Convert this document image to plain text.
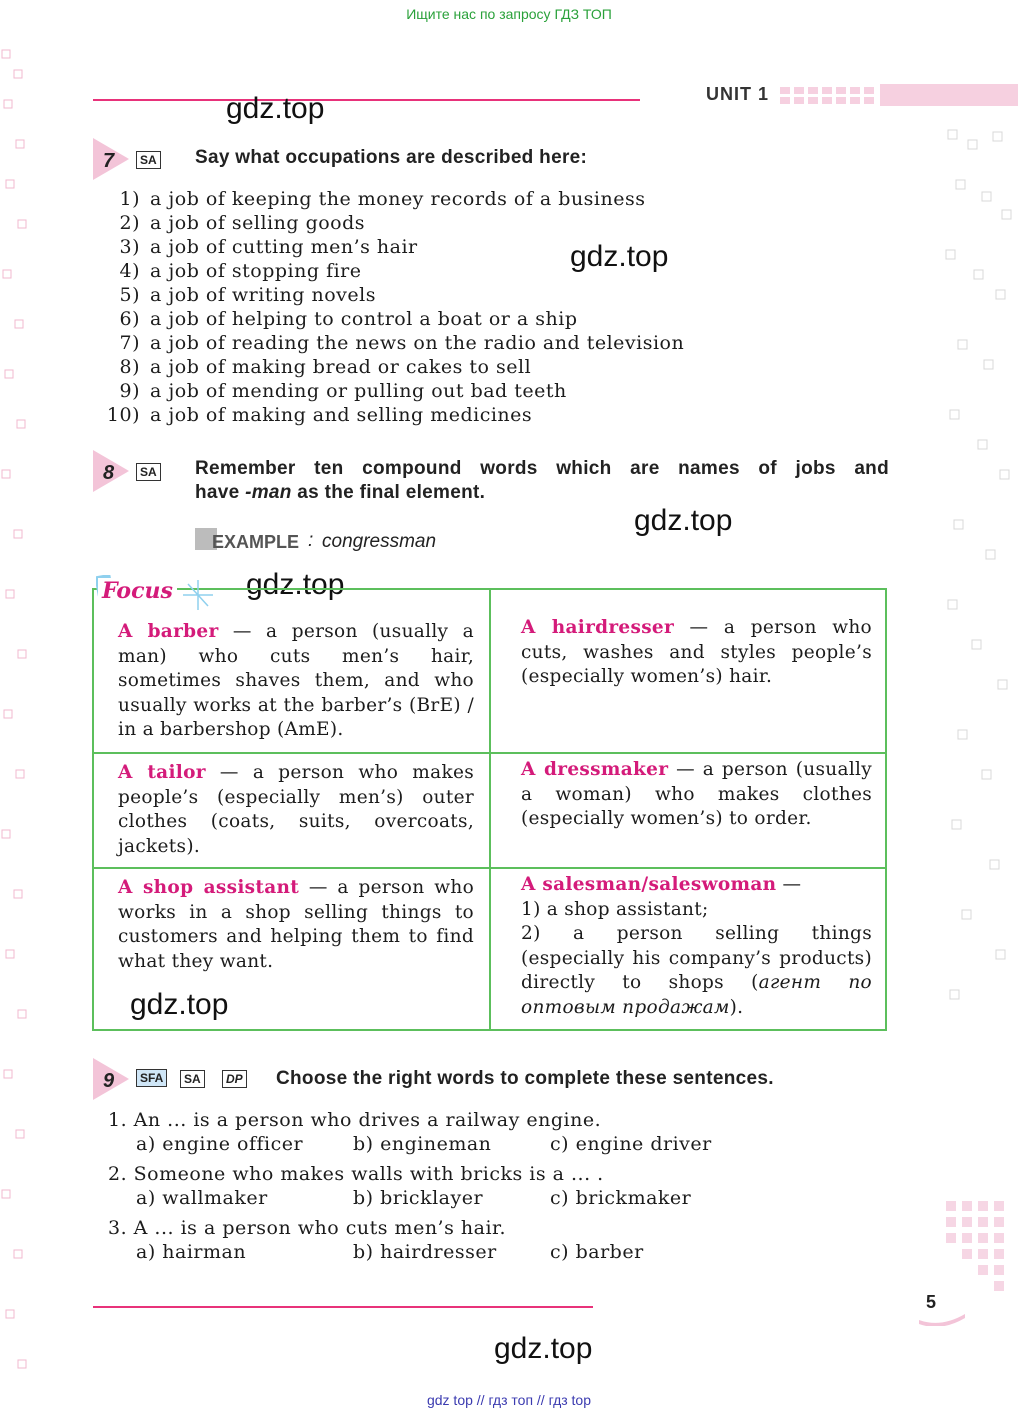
Ищите нас по запросу ГДЗ ТОП
gdz top // гдз топ // гдз top
UNIT 1
gdz.top
gdz.top
gdz.top
gdz.top
gdz.top
gdz.top
7	SA Say what occupations are described here:
1) a job of keeping the money records of a business
2) a job of selling goods
3) a job of cutting men’s hair
4) a job of stopping fire
5) a job of writing novels
6) a job of helping to control a boat or a ship
7) a job of reading the news on the radio and television
8) a job of making bread or cakes to sell
9) a job of mending or pulling out bad teeth
10) a job of making and selling medicines
8	SA Remember ten compound words which are names of jobs and
have -man as the final element.
EXAMPLE : congressman
A barber — a person (usually a man) who cuts men’s hair, sometimes shaves them, and who usually works at the barber’s (BrE) / in a barbershop (AmE).
A hairdresser — a person who cuts, washes and styles people’s (especially women’s) hair.
A tailor — a person who makes people’s (especially men’s) outer clothes (coats, suits, overcoats, jackets).
A dressmaker — a person (usually a woman) who makes clothes (especially women’s) to order.
A shop assistant — a person who works in a shop selling things to customers and helping them to find what they want.
A salesman/saleswoman —
1) a shop assistant;
2) a person selling things (especially his company’s products) directly to shops (агент по оптовым продажам).
Focus
9	SFA	SA	DP Choose the right words to complete these sentences.
1. An ... is a person who drives a railway engine.
a) engine officer	b) engineman	c) engine driver
2. Someone who makes walls with bricks is a ... .
a) wallmaker	b) bricklayer	c) brickmaker
3. A ... is a person who cuts men’s hair.
a) hairman	b) hairdresser	c) barber
5
